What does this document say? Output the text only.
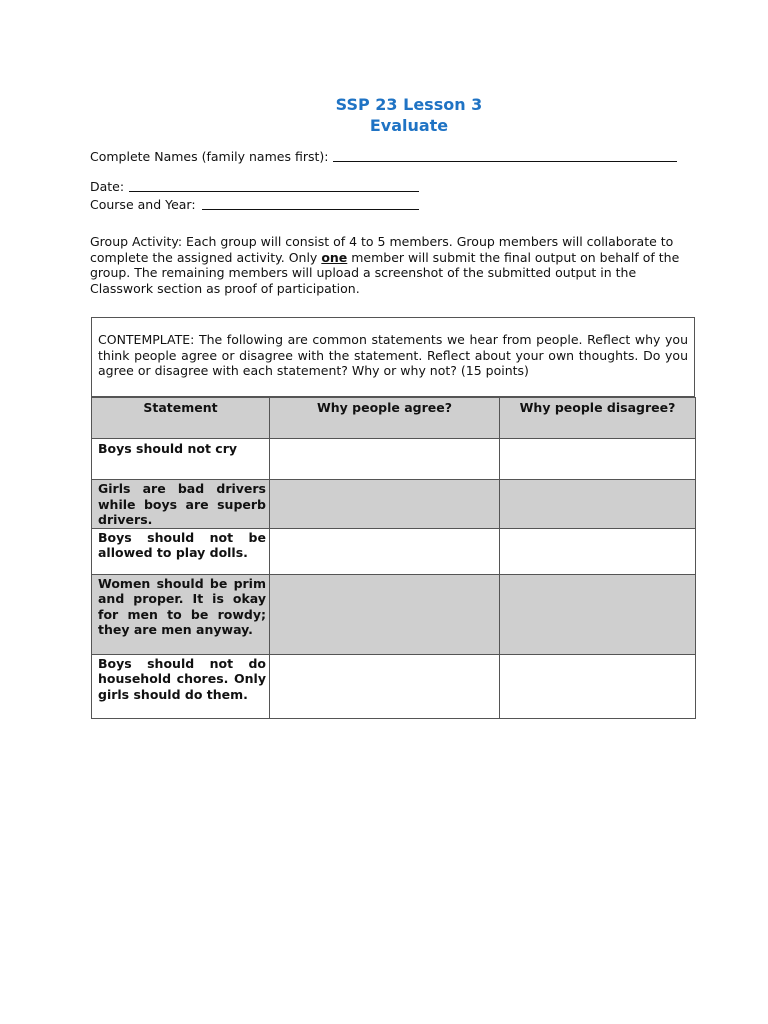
SSP 23 Lesson 3
Evaluate
Complete Names (family names first):
Date:
Course and Year:
Group Activity: Each group will consist of 4 to 5 members. Group members will collaborate to complete the assigned activity. Only one member will submit the final output on behalf of the group. The remaining members will upload a screenshot of the submitted output in the Classwork section as proof of participation.

CONTEMPLATE: The following are common statements we hear from people. Reflect why you think people agree or disagree with the statement. Reflect about your own thoughts. Do you agree or disagree with each statement? Why or why not? (15 points)

Statement	Why people agree?	Why people disagree?

Boys should not cry		

Girls are bad drivers while boys are superb drivers.		

Boys should not be allowed to play dolls.		

Women should be prim and proper. It is okay for men to be rowdy; they are men anyway.		

Boys should not do household chores. Only girls should do them.		
